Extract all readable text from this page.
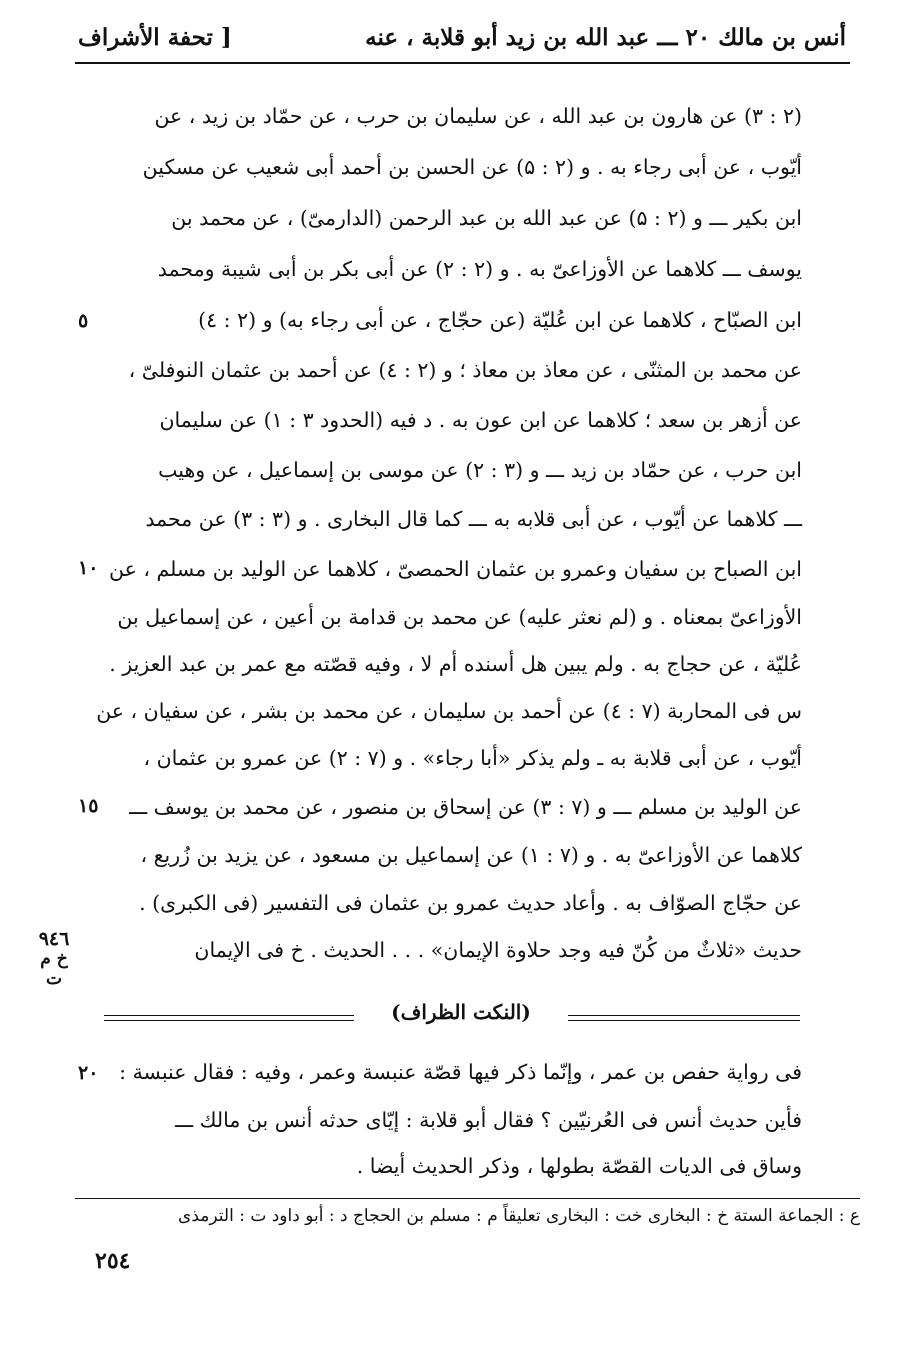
أنس بن مالك ۲۰ ـــ عبد الله بن زيد أبو قلابة ، عنه
[ تحفة الأشراف
(۲ : ۳) عن هارون بن عبد الله ، عن سليمان بن حرب ، عن حمّاد بن زيد ، عن
أيّوب ، عن أبى رجاء به . و (۲ : ۵) عن الحسن بن أحمد أبى شعيب عن مسكين
ابن بكير ـــ و (۲ : ۵) عن عبد الله بن عبد الرحمن (الدارمىّ) ، عن محمد بن
يوسف ـــ كلاهما عن الأوزاعىّ به . و (۲ : ۲) عن أبى بكر بن أبى شيبة ومحمد
ابن الصبّاح ، كلاهما عن ابن عُليّة (عن حجّاج ، عن أبى رجاء به) و (۲ : ٤)
عن محمد بن المثنّى ، عن معاذ بن معاذ ؛ و (۲ : ٤) عن أحمد بن عثمان النوفلىّ ،
عن أزهر بن سعد ؛ كلاهما عن ابن عون به . د فيه (الحدود ۳ : ۱) عن سليمان
ابن حرب ، عن حمّاد بن زيد ـــ و (۳ : ۲) عن موسى بن إسماعيل ، عن وهيب
ـــ كلاهما عن أيّوب ، عن أبى قلابه به ـــ كما قال البخارى . و (۳ : ۳) عن محمد
ابن الصباح بن سفيان وعمرو بن عثمان الحمصىّ ، كلاهما عن الوليد بن مسلم ، عن
الأوزاعىّ بمعناه . و (لم نعثر عليه) عن محمد بن قدامة بن أعين ، عن إسماعيل بن
عُليّة ، عن حجاج به . ولم يبين هل أسنده أم لا ، وفيه قصّته مع عمر بن عبد العزيز .
س فى المحاربة (۷ : ٤) عن أحمد بن سليمان ، عن محمد بن بشر ، عن سفيان ، عن
أيّوب ، عن أبى قلابة به ـ ولم يذكر «أبا رجاء» . و (۷ : ۲) عن عمرو بن عثمان ،
عن الوليد بن مسلم ـــ و (۷ : ۳) عن إسحاق بن منصور ، عن محمد بن يوسف ـــ
كلاهما عن الأوزاعىّ به . و (۷ : ۱) عن إسماعيل بن مسعود ، عن يزيد بن زُريع ،
عن حجّاج الصوّاف به . وأعاد حديث عمرو بن عثمان فى التفسير (فى الكبرى) .
حديث «ثلاثٌ من كُنّ فيه وجد حلاوة الإيمان» . . . الحديث . خ فى الإيمان
٥
١٠
١٥
٩٤٦
خ م ت
(النكت الظراف)
فى رواية حفص بن عمر ، وإنّما ذكر فيها قصّة عنبسة وعمر ، وفيه : فقال عنبسة :
فأين حديث أنس فى العُرنيّين ؟ فقال أبو قلابة : إيّاى حدثه أنس بن مالك ـــ
وساق فى الديات القصّة بطولها ، وذكر الحديث أيضا .
٢٠
ع : الجماعة الستة خ : البخارى خت : البخارى تعليقاً م : مسلم بن الحجاج د : أبو داود ت : الترمذى
٢٥٤
